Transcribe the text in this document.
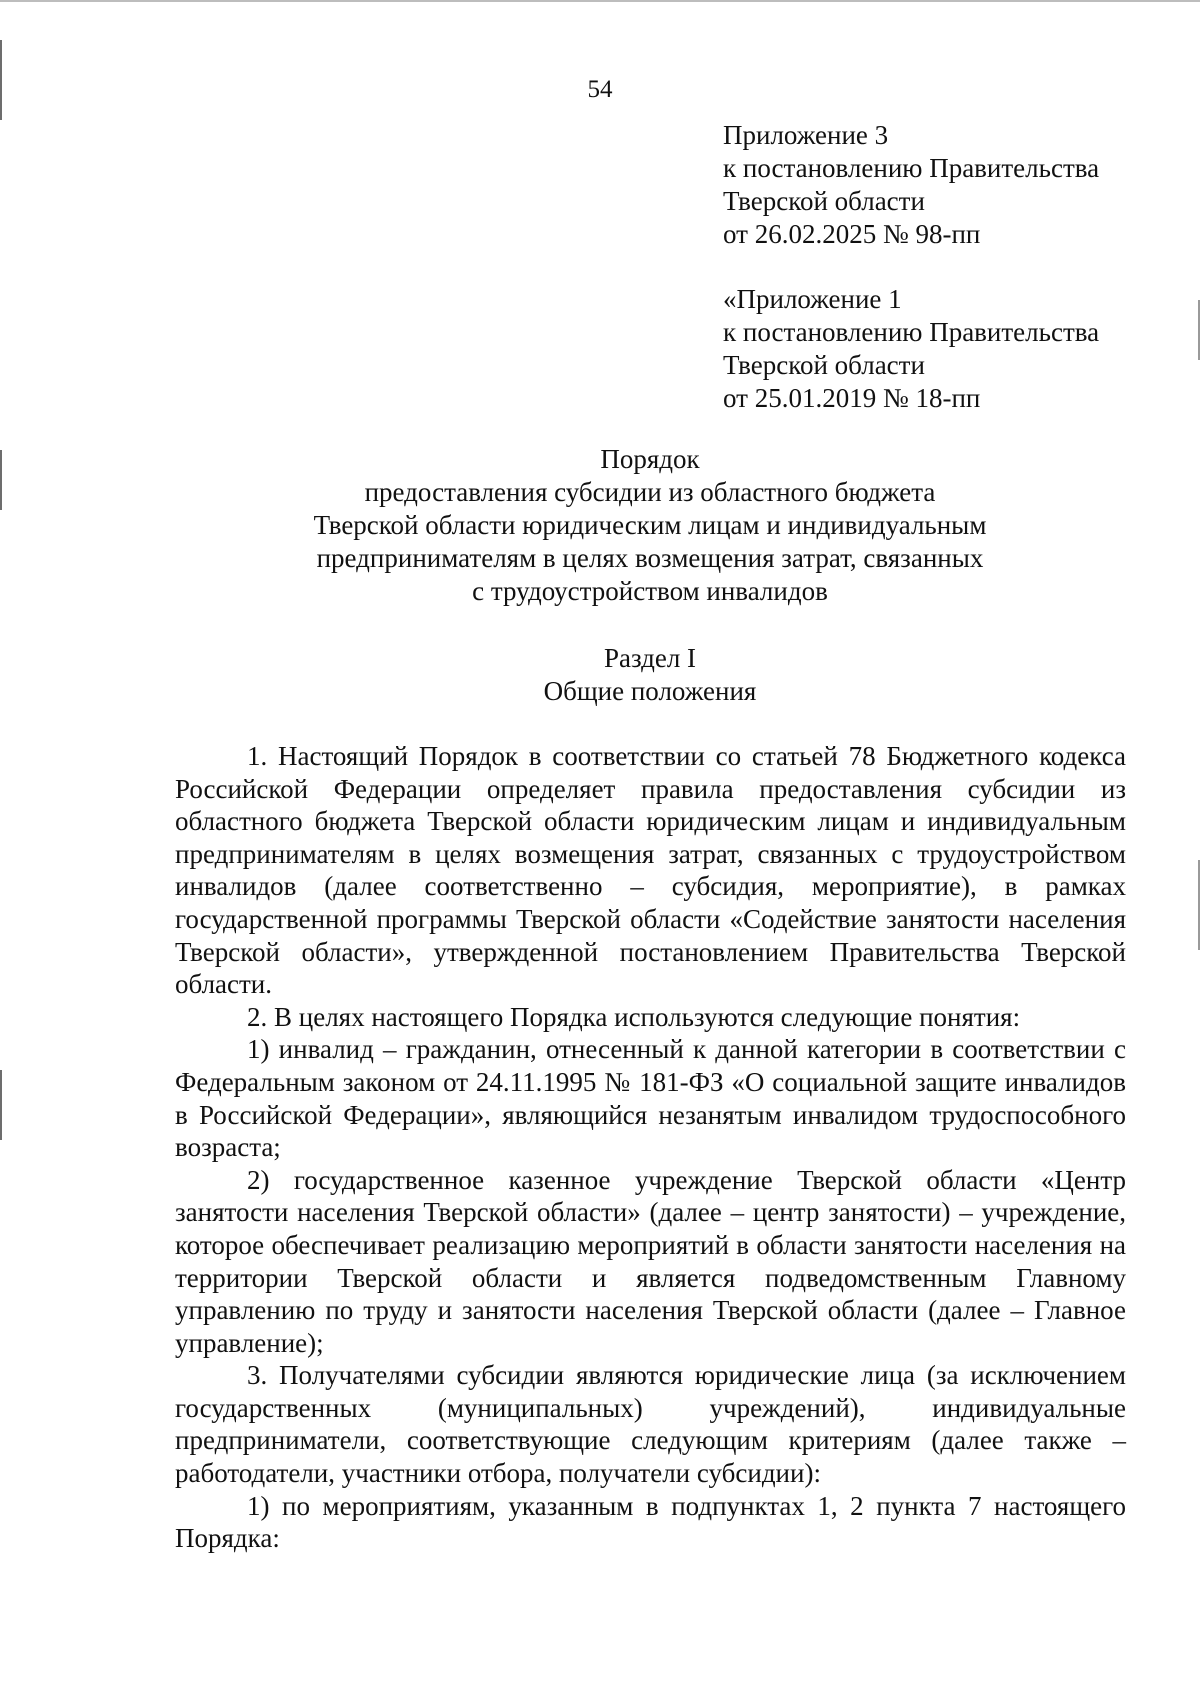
54
Приложение 3
к постановлению Правительства
Тверской области
от 26.02.2025 № 98-пп
«Приложение 1
к постановлению Правительства
Тверской области
от 25.01.2019 № 18-пп
Порядок
предоставления субсидии из областного бюджета
Тверской области юридическим лицам и индивидуальным
предпринимателям в целях возмещения затрат, связанных
с трудоустройством инвалидов
Раздел I
Общие положения

1. Настоящий Порядок в соответствии со статьей 78 Бюджетного кодекса Российской Федерации определяет правила предоставления субсидии из областного бюджета Тверской области юридическим лицам и индивидуальным предпринимателям в целях возмещения затрат, связанных с трудоустройством инвалидов (далее соответственно – субсидия, мероприятие), в рамках государственной программы Тверской области «Содействие занятости населения Тверской области», утвержденной постановлением Правительства Тверской области.

2. В целях настоящего Порядка используются следующие понятия:

1) инвалид – гражданин, отнесенный к данной категории в соответствии с Федеральным законом от 24.11.1995 № 181-ФЗ «О социальной защите инвалидов в Российской Федерации», являющийся незанятым инвалидом трудоспособного возраста;

2) государственное казенное учреждение Тверской области «Центр занятости населения Тверской области» (далее – центр занятости) – учреждение, которое обеспечивает реализацию мероприятий в области занятости населения на территории Тверской области и является подведомственным Главному управлению по труду и занятости населения Тверской области (далее – Главное управление);

3. Получателями субсидии являются юридические лица (за исключением государственных (муниципальных) учреждений), индивидуальные предприниматели, соответствующие следующим критериям (далее также – работодатели, участники отбора, получатели субсидии):

1) по мероприятиям, указанным в подпунктах 1, 2 пункта 7 настоящего Порядка:
